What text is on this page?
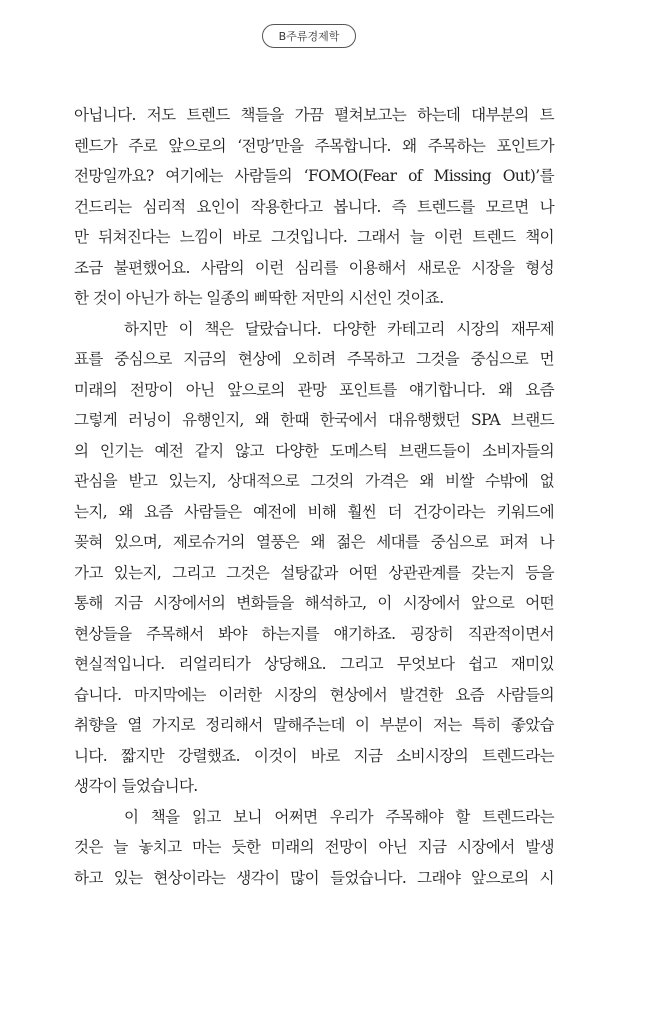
B주류경제학
아닙니다. 저도 트렌드 책들을 가끔 펼쳐보고는 하는데 대부분의 트
렌드가 주로 앞으로의 ‘전망’만을 주목합니다. 왜 주목하는 포인트가
전망일까요? 여기에는 사람들의 ‘FOMO(Fear of Missing Out)’를
건드리는 심리적 요인이 작용한다고 봅니다. 즉 트렌드를 모르면 나
만 뒤쳐진다는 느낌이 바로 그것입니다. 그래서 늘 이런 트렌드 책이
조금 불편했어요. 사람의 이런 심리를 이용해서 새로운 시장을 형성
한 것이 아닌가 하는 일종의 삐딱한 저만의 시선인 것이죠.
하지만 이 책은 달랐습니다. 다양한 카테고리 시장의 재무제
표를 중심으로 지금의 현상에 오히려 주목하고 그것을 중심으로 먼
미래의 전망이 아닌 앞으로의 관망 포인트를 얘기합니다. 왜 요즘
그렇게 러닝이 유행인지, 왜 한때 한국에서 대유행했던 SPA 브랜드
의 인기는 예전 같지 않고 다양한 도메스틱 브랜드들이 소비자들의
관심을 받고 있는지, 상대적으로 그것의 가격은 왜 비쌀 수밖에 없
는지, 왜 요즘 사람들은 예전에 비해 훨씬 더 건강이라는 키워드에
꽂혀 있으며, 제로슈거의 열풍은 왜 젊은 세대를 중심으로 퍼져 나
가고 있는지, 그리고 그것은 설탕값과 어떤 상관관계를 갖는지 등을
통해 지금 시장에서의 변화들을 해석하고, 이 시장에서 앞으로 어떤
현상들을 주목해서 봐야 하는지를 얘기하죠. 굉장히 직관적이면서
현실적입니다. 리얼리티가 상당해요. 그리고 무엇보다 쉽고 재미있
습니다. 마지막에는 이러한 시장의 현상에서 발견한 요즘 사람들의
취향을 열 가지로 정리해서 말해주는데 이 부분이 저는 특히 좋았습
니다. 짧지만 강렬했죠. 이것이 바로 지금 소비시장의 트렌드라는
생각이 들었습니다.
이 책을 읽고 보니 어쩌면 우리가 주목해야 할 트렌드라는
것은 늘 놓치고 마는 듯한 미래의 전망이 아닌 지금 시장에서 발생
하고 있는 현상이라는 생각이 많이 들었습니다. 그래야 앞으로의 시
